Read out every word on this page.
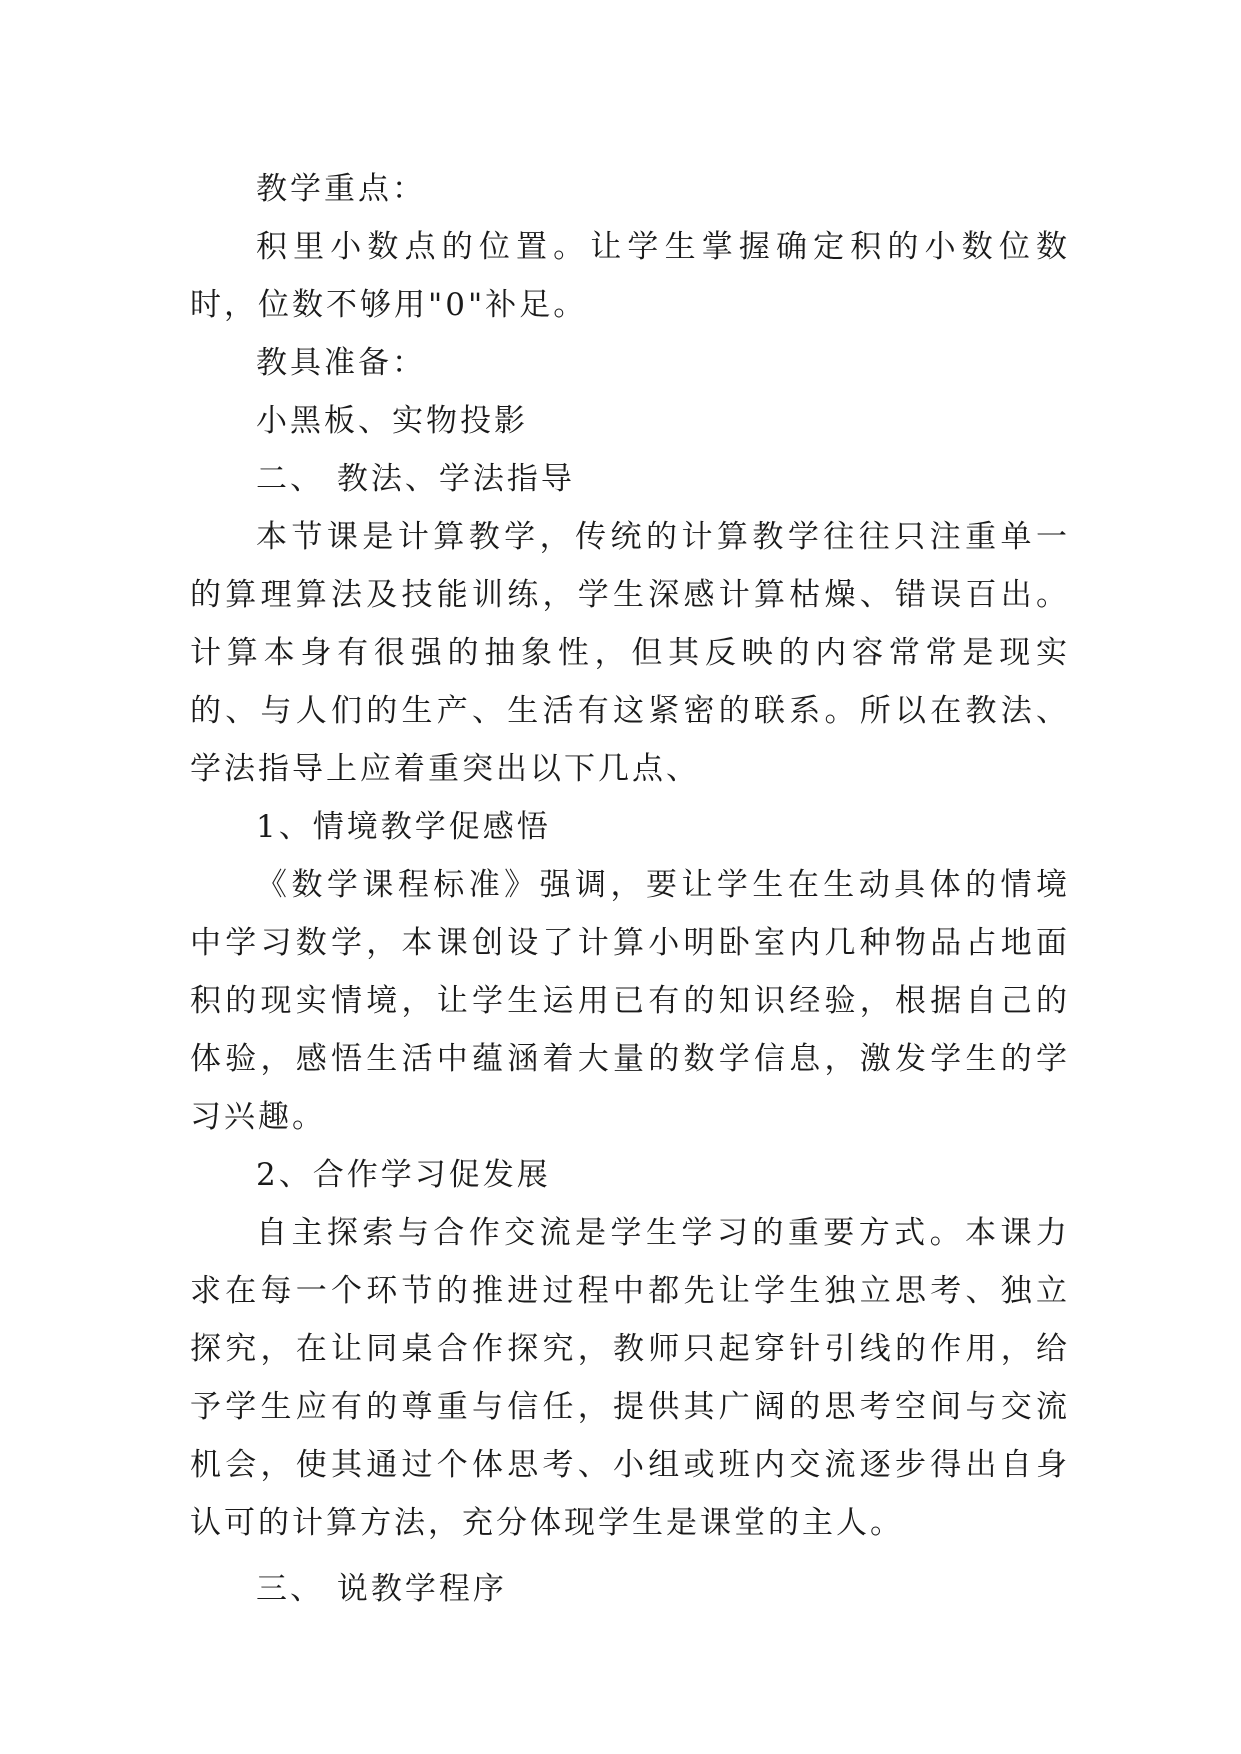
教学重点：

积里小数点的位置。让学生掌握确定积的小数位数时，位数不够用"0"补足。

教具准备：

小黑板、实物投影

二、 教法、学法指导

本节课是计算教学，传统的计算教学往往只注重单一的算理算法及技能训练，学生深感计算枯燥、错误百出。计算本身有很强的抽象性，但其反映的内容常常是现实的、与人们的生产、生活有这紧密的联系。所以在教法、学法指导上应着重突出以下几点、

1、情境教学促感悟

《数学课程标准》强调，要让学生在生动具体的情境中学习数学，本课创设了计算小明卧室内几种物品占地面积的现实情境，让学生运用已有的知识经验，根据自己的体验，感悟生活中蕴涵着大量的数学信息，激发学生的学习兴趣。

2、合作学习促发展

自主探索与合作交流是学生学习的重要方式。本课力求在每一个环节的推进过程中都先让学生独立思考、独立探究，在让同桌合作探究，教师只起穿针引线的作用，给予学生应有的尊重与信任，提供其广阔的思考空间与交流机会，使其通过个体思考、小组或班内交流逐步得出自身认可的计算方法，充分体现学生是课堂的主人。

三、 说教学程序
